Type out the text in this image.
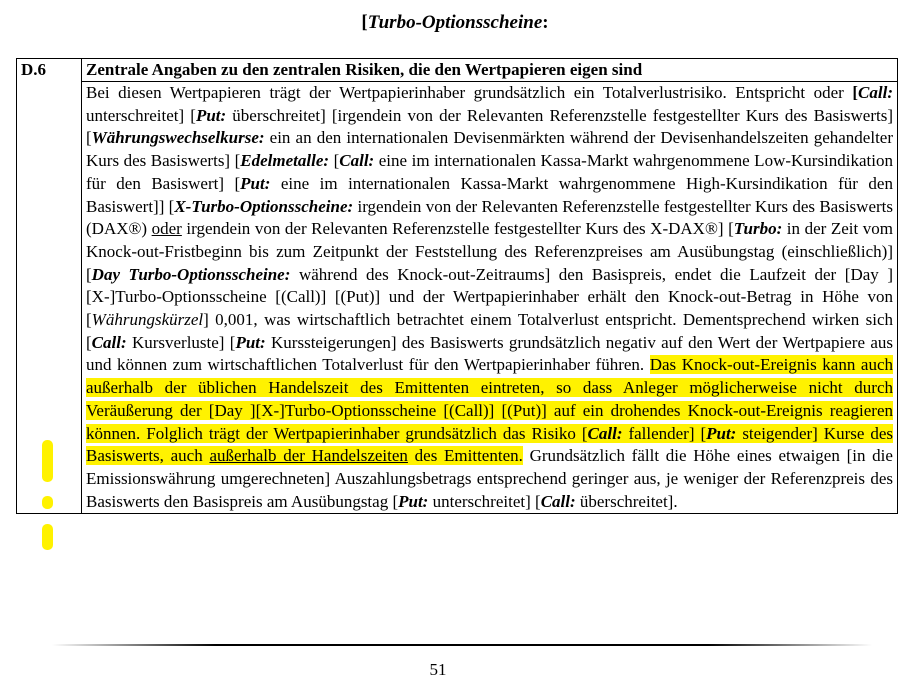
[Turbo-Optionsscheine:
D.6	Zentrale Angaben zu den zentralen Risiken, die den Wertpapieren eigen sind
Bei diesen Wertpapieren trägt der Wertpapierinhaber grundsätzlich ein Totalverlustrisiko. Entspricht oder [Call: unterschreitet] [Put: überschreitet] [irgendein von der Relevanten Referenzstelle festgestellter Kurs des Basiswerts] [Währungswechselkurse: ein an den internationalen Devisenmärkten während der Devisenhandelszeiten gehandelter Kurs des Basiswerts] [Edelmetalle: [Call: eine im internationalen Kassa-Markt wahrgenommene Low-Kursindikation für den Basiswert] [Put: eine im internationalen Kassa-Markt wahrgenommene High-Kursindikation für den Basiswert]] [X-Turbo-Optionsscheine: irgendein von der Relevanten Referenzstelle festgestellter Kurs des Basiswerts (DAX®) oder irgendein von der Relevanten Referenzstelle festgestellter Kurs des X-DAX®] [Turbo: in der Zeit vom Knock-out-Fristbeginn bis zum Zeitpunkt der Feststellung des Referenzpreises am Ausübungstag (einschließlich)] [Day Turbo-Optionsscheine: während des Knock-out-Zeitraums] den Basispreis, endet die Laufzeit der [Day ][X-]Turbo-Optionsscheine [(Call)] [(Put)] und der Wertpapierinhaber erhält den Knock-out-Betrag in Höhe von [Währungskürzel] 0,001, was wirtschaftlich betrachtet einem Totalverlust entspricht. Dementsprechend wirken sich [Call: Kursverluste] [Put: Kurssteigerungen] des Basiswerts grundsätzlich negativ auf den Wert der Wertpapiere aus und können zum wirtschaftlichen Totalverlust für den Wertpapierinhaber führen. Das Knock-out-Ereignis kann auch außerhalb der üblichen Handelszeit des Emittenten eintreten, so dass Anleger möglicherweise nicht durch Veräußerung der [Day ][X-]Turbo-Optionsscheine [(Call)] [(Put)] auf ein drohendes Knock-out-Ereignis reagieren können. Folglich trägt der Wertpapierinhaber grundsätzlich das Risiko [Call: fallender] [Put: steigender] Kurse des Basiswerts, auch außerhalb der Handelszeiten des Emittenten. Grundsätzlich fällt die Höhe eines etwaigen [in die Emissionswährung umgerechneten] Auszahlungsbetrags entsprechend geringer aus, je weniger der Referenzpreis des Basiswerts den Basispreis am Ausübungstag [Put: unterschreitet] [Call: überschreitet].
51
